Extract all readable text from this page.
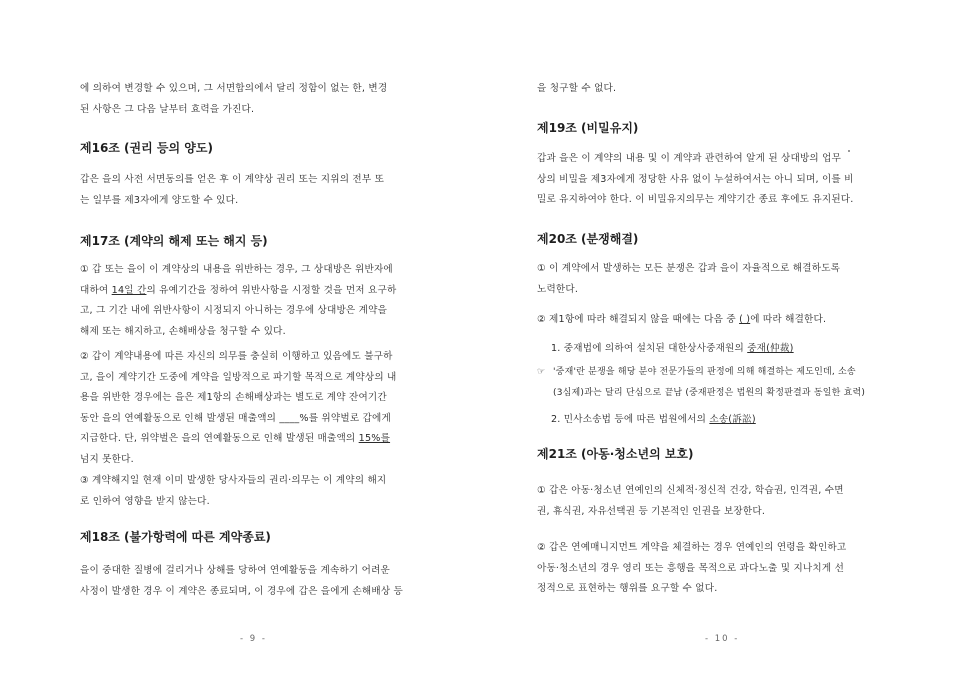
에 의하여 변경할 수 있으며, 그 서면합의에서 달리 정함이 없는 한, 변경
된 사항은 그 다음 날부터 효력을 가진다.

제16조 (권리 등의 양도)

갑은 을의 사전 서면동의를 얻은 후 이 계약상 권리 또는 지위의 전부 또
는 일부를 제3자에게 양도할 수 있다.

제17조 (계약의 해제 또는 해지 등)

① 갑 또는 을이 이 계약상의 내용을 위반하는 경우, 그 상대방은 위반자에
대하여 14일 간의 유예기간을 정하여 위반사항을 시정할 것을 먼저 요구하
고, 그 기간 내에 위반사항이 시정되지 아니하는 경우에 상대방은 계약을
해제 또는 해지하고, 손해배상을 청구할 수 있다.

② 갑이 계약내용에 따른 자신의 의무를 충실히 이행하고 있음에도 불구하
고, 을이 계약기간 도중에 계약을 일방적으로 파기할 목적으로 계약상의 내
용을 위반한 경우에는 을은 제1항의 손해배상과는 별도로 계약 잔여기간
동안 을의 연예활동으로 인해 발생된 매출액의 ____%를 위약벌로 갑에게
지급한다. 단, 위약벌은 을의 연예활동으로 인해 발생된 매출액의 15%를
넘지 못한다.

③ 계약해지일 현재 이미 발생한 당사자들의 권리·의무는 이 계약의 해지
로 인하여 영향을 받지 않는다.

제18조 (불가항력에 따른 계약종료)

을이 중대한 질병에 걸리거나 상해를 당하여 연예활동을 계속하기 어려운
사정이 발생한 경우 이 계약은 종료되며, 이 경우에 갑은 을에게 손해배상 등

- 9 -

을 청구할 수 없다.

제19조 (비밀유지)

갑과 을은 이 계약의 내용 및 이 계약과 관련하여 알게 된 상대방의 업무
상의 비밀을 제3자에게 정당한 사유 없이 누설하여서는 아니 되며, 이를 비
밀로 유지하여야 한다. 이 비밀유지의무는 계약기간 종료 후에도 유지된다.

제20조 (분쟁해결)

① 이 계약에서 발생하는 모든 분쟁은 갑과 을이 자율적으로 해결하도록
노력한다.

② 제1항에 따라 해결되지 않을 때에는 다음 중 ( )에 따라 해결한다.

1. 중재법에 의하여 설치된 대한상사중재원의 중재(仲裁)

☞ '중재'란 분쟁을 해당 분야 전문가들의 판정에 의해 해결하는 제도인데, 소송
(3심제)과는 달리 단심으로 끝남 (중재판정은 법원의 확정판결과 동일한 효력)

2. 민사소송법 등에 따른 법원에서의 소송(訴訟)

제21조 (아동·청소년의 보호)

① 갑은 아동·청소년 연예인의 신체적·정신적 건강, 학습권, 인격권, 수면
권, 휴식권, 자유선택권 등 기본적인 인권을 보장한다.

② 갑은 연예매니지먼트 계약을 체결하는 경우 연예인의 연령을 확인하고
아동·청소년의 경우 영리 또는 흥행을 목적으로 과다노출 및 지나치게 선
정적으로 표현하는 행위를 요구할 수 없다.

- 10 -
